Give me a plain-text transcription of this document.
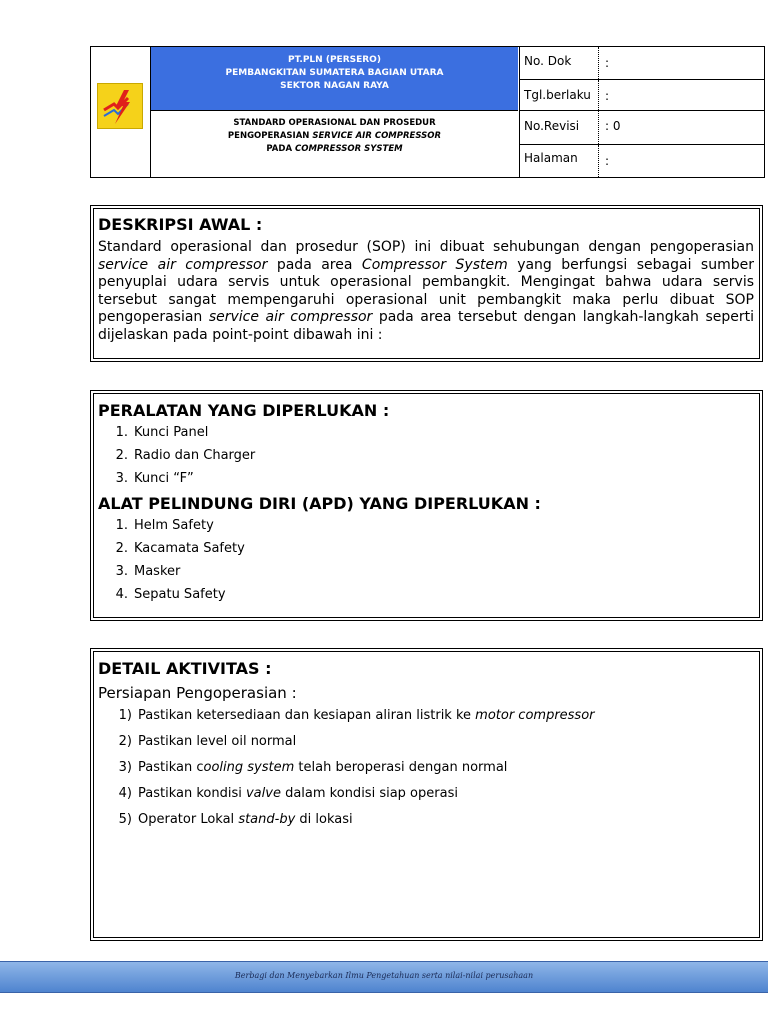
PT.PLN (PERSERO)
PEMBANGKITAN SUMATERA BAGIAN UTARA
SEKTOR NAGAN RAYA
STANDARD OPERASIONAL DAN PROSEDUR
PENGOPERASIAN SERVICE AIR COMPRESSOR
PADA COMPRESSOR SYSTEM
No. Dok	:
Tgl.berlaku	:
No.Revisi	: 0
Halaman	:
DESKRIPSI AWAL :
Standard operasional dan prosedur (SOP) ini dibuat sehubungan dengan pengoperasian service air compressor pada area Compressor System yang berfungsi sebagai sumber penyuplai udara servis untuk operasional pembangkit. Mengingat bahwa udara servis tersebut sangat mempengaruhi operasional unit pembangkit maka perlu dibuat SOP pengoperasian service air compressor pada area tersebut dengan langkah-langkah seperti dijelaskan pada point-point dibawah ini :
PERALATAN YANG DIPERLUKAN :
1. Kunci Panel
2. Radio dan Charger
3. Kunci “F”
ALAT PELINDUNG DIRI (APD) YANG DIPERLUKAN :
1. Helm Safety
2. Kacamata Safety
3. Masker
4. Sepatu Safety
DETAIL AKTIVITAS :
Persiapan Pengoperasian :
1) Pastikan ketersediaan dan kesiapan aliran listrik ke motor compressor
2) Pastikan level oil normal
3) Pastikan cooling system telah beroperasi dengan normal
4) Pastikan kondisi valve dalam kondisi siap operasi
5) Operator Lokal stand-by di lokasi
Berbagi dan Menyebarkan Ilmu Pengetahuan serta nilai-nilai perusahaan
